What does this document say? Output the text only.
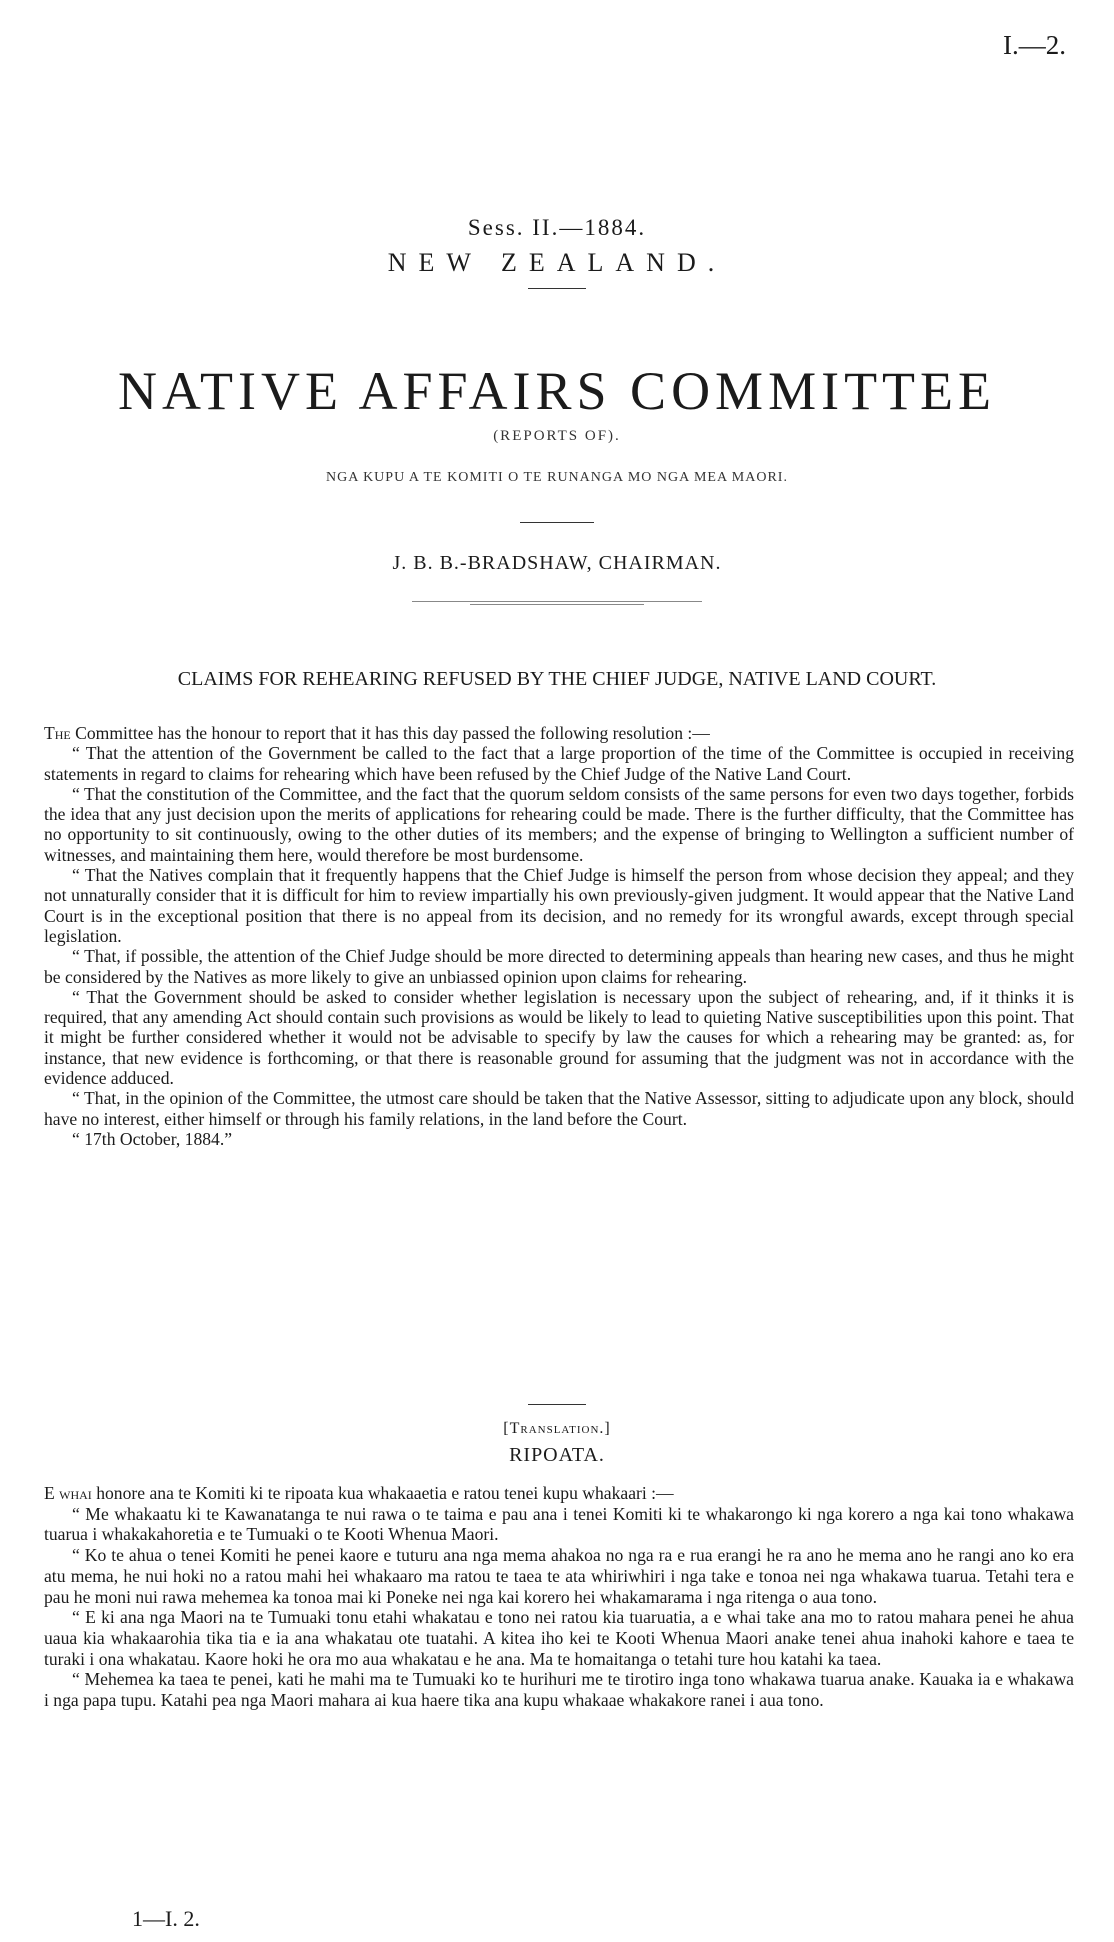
I.—2.
Sess. II.—1884.
NEW ZEALAND.
NATIVE AFFAIRS COMMITTEE
(REPORTS OF).
NGA KUPU A TE KOMITI O TE RUNANGA MO NGA MEA MAORI.
J. B. B.-BRADSHAW, CHAIRMAN.
CLAIMS FOR REHEARING REFUSED BY THE CHIEF JUDGE, NATIVE LAND COURT.

The Committee has the honour to report that it has this day passed the following resolution :—

“ That the attention of the Government be called to the fact that a large proportion of the time of the Committee is occupied in receiving statements in regard to claims for rehearing which have been refused by the Chief Judge of the Native Land Court.

“ That the constitution of the Committee, and the fact that the quorum seldom consists of the same persons for even two days together, forbids the idea that any just decision upon the merits of applications for rehearing could be made. There is the further difficulty, that the Committee has no opportunity to sit continuously, owing to the other duties of its members; and the expense of bringing to Wellington a sufficient number of witnesses, and maintaining them here, would therefore be most burdensome.

“ That the Natives complain that it frequently happens that the Chief Judge is himself the person from whose decision they appeal; and they not unnaturally consider that it is difficult for him to review impartially his own previously-given judgment. It would appear that the Native Land Court is in the exceptional position that there is no appeal from its decision, and no remedy for its wrongful awards, except through special legislation.

“ That, if possible, the attention of the Chief Judge should be more directed to determining appeals than hearing new cases, and thus he might be considered by the Natives as more likely to give an unbiassed opinion upon claims for rehearing.

“ That the Government should be asked to consider whether legislation is necessary upon the subject of rehearing, and, if it thinks it is required, that any amending Act should contain such provisions as would be likely to lead to quieting Native susceptibilities upon this point. That it might be further considered whether it would not be advisable to specify by law the causes for which a rehearing may be granted: as, for instance, that new evidence is forthcoming, or that there is reasonable ground for assuming that the judgment was not in accordance with the evidence adduced.

“ That, in the opinion of the Committee, the utmost care should be taken that the Native Assessor, sitting to adjudicate upon any block, should have no interest, either himself or through his family relations, in the land before the Court.

“ 17th October, 1884.”

[Translation.]
RIPOATA.

E whai honore ana te Komiti ki te ripoata kua whakaaetia e ratou tenei kupu whakaari :—

“ Me whakaatu ki te Kawanatanga te nui rawa o te taima e pau ana i tenei Komiti ki te whakarongo ki nga korero a nga kai tono whakawa tuarua i whakakahoretia e te Tumuaki o te Kooti Whenua Maori.

“ Ko te ahua o tenei Komiti he penei kaore e tuturu ana nga mema ahakoa no nga ra e rua erangi he ra ano he mema ano he rangi ano ko era atu mema, he nui hoki no a ratou mahi hei whakaaro ma ratou te taea te ata whiriwhiri i nga take e tonoa nei nga whakawa tuarua. Tetahi tera e pau he moni nui rawa mehemea ka tonoa mai ki Poneke nei nga kai korero hei whakamarama i nga ritenga o aua tono.

“ E ki ana nga Maori na te Tumuaki tonu etahi whakatau e tono nei ratou kia tuaruatia, a e whai take ana mo to ratou mahara penei he ahua uaua kia whakaarohia tika tia e ia ana whakatau ote tuatahi. A kitea iho kei te Kooti Whenua Maori anake tenei ahua inahoki kahore e taea te turaki i ona whakatau. Kaore hoki he ora mo aua whakatau e he ana. Ma te homaitanga o tetahi ture hou katahi ka taea.

“ Mehemea ka taea te penei, kati he mahi ma te Tumuaki ko te hurihuri me te tirotiro inga tono whakawa tuarua anake. Kauaka ia e whakawa i nga papa tupu. Katahi pea nga Maori mahara ai kua haere tika ana kupu whakaae whakakore ranei i aua tono.

1—I. 2.
